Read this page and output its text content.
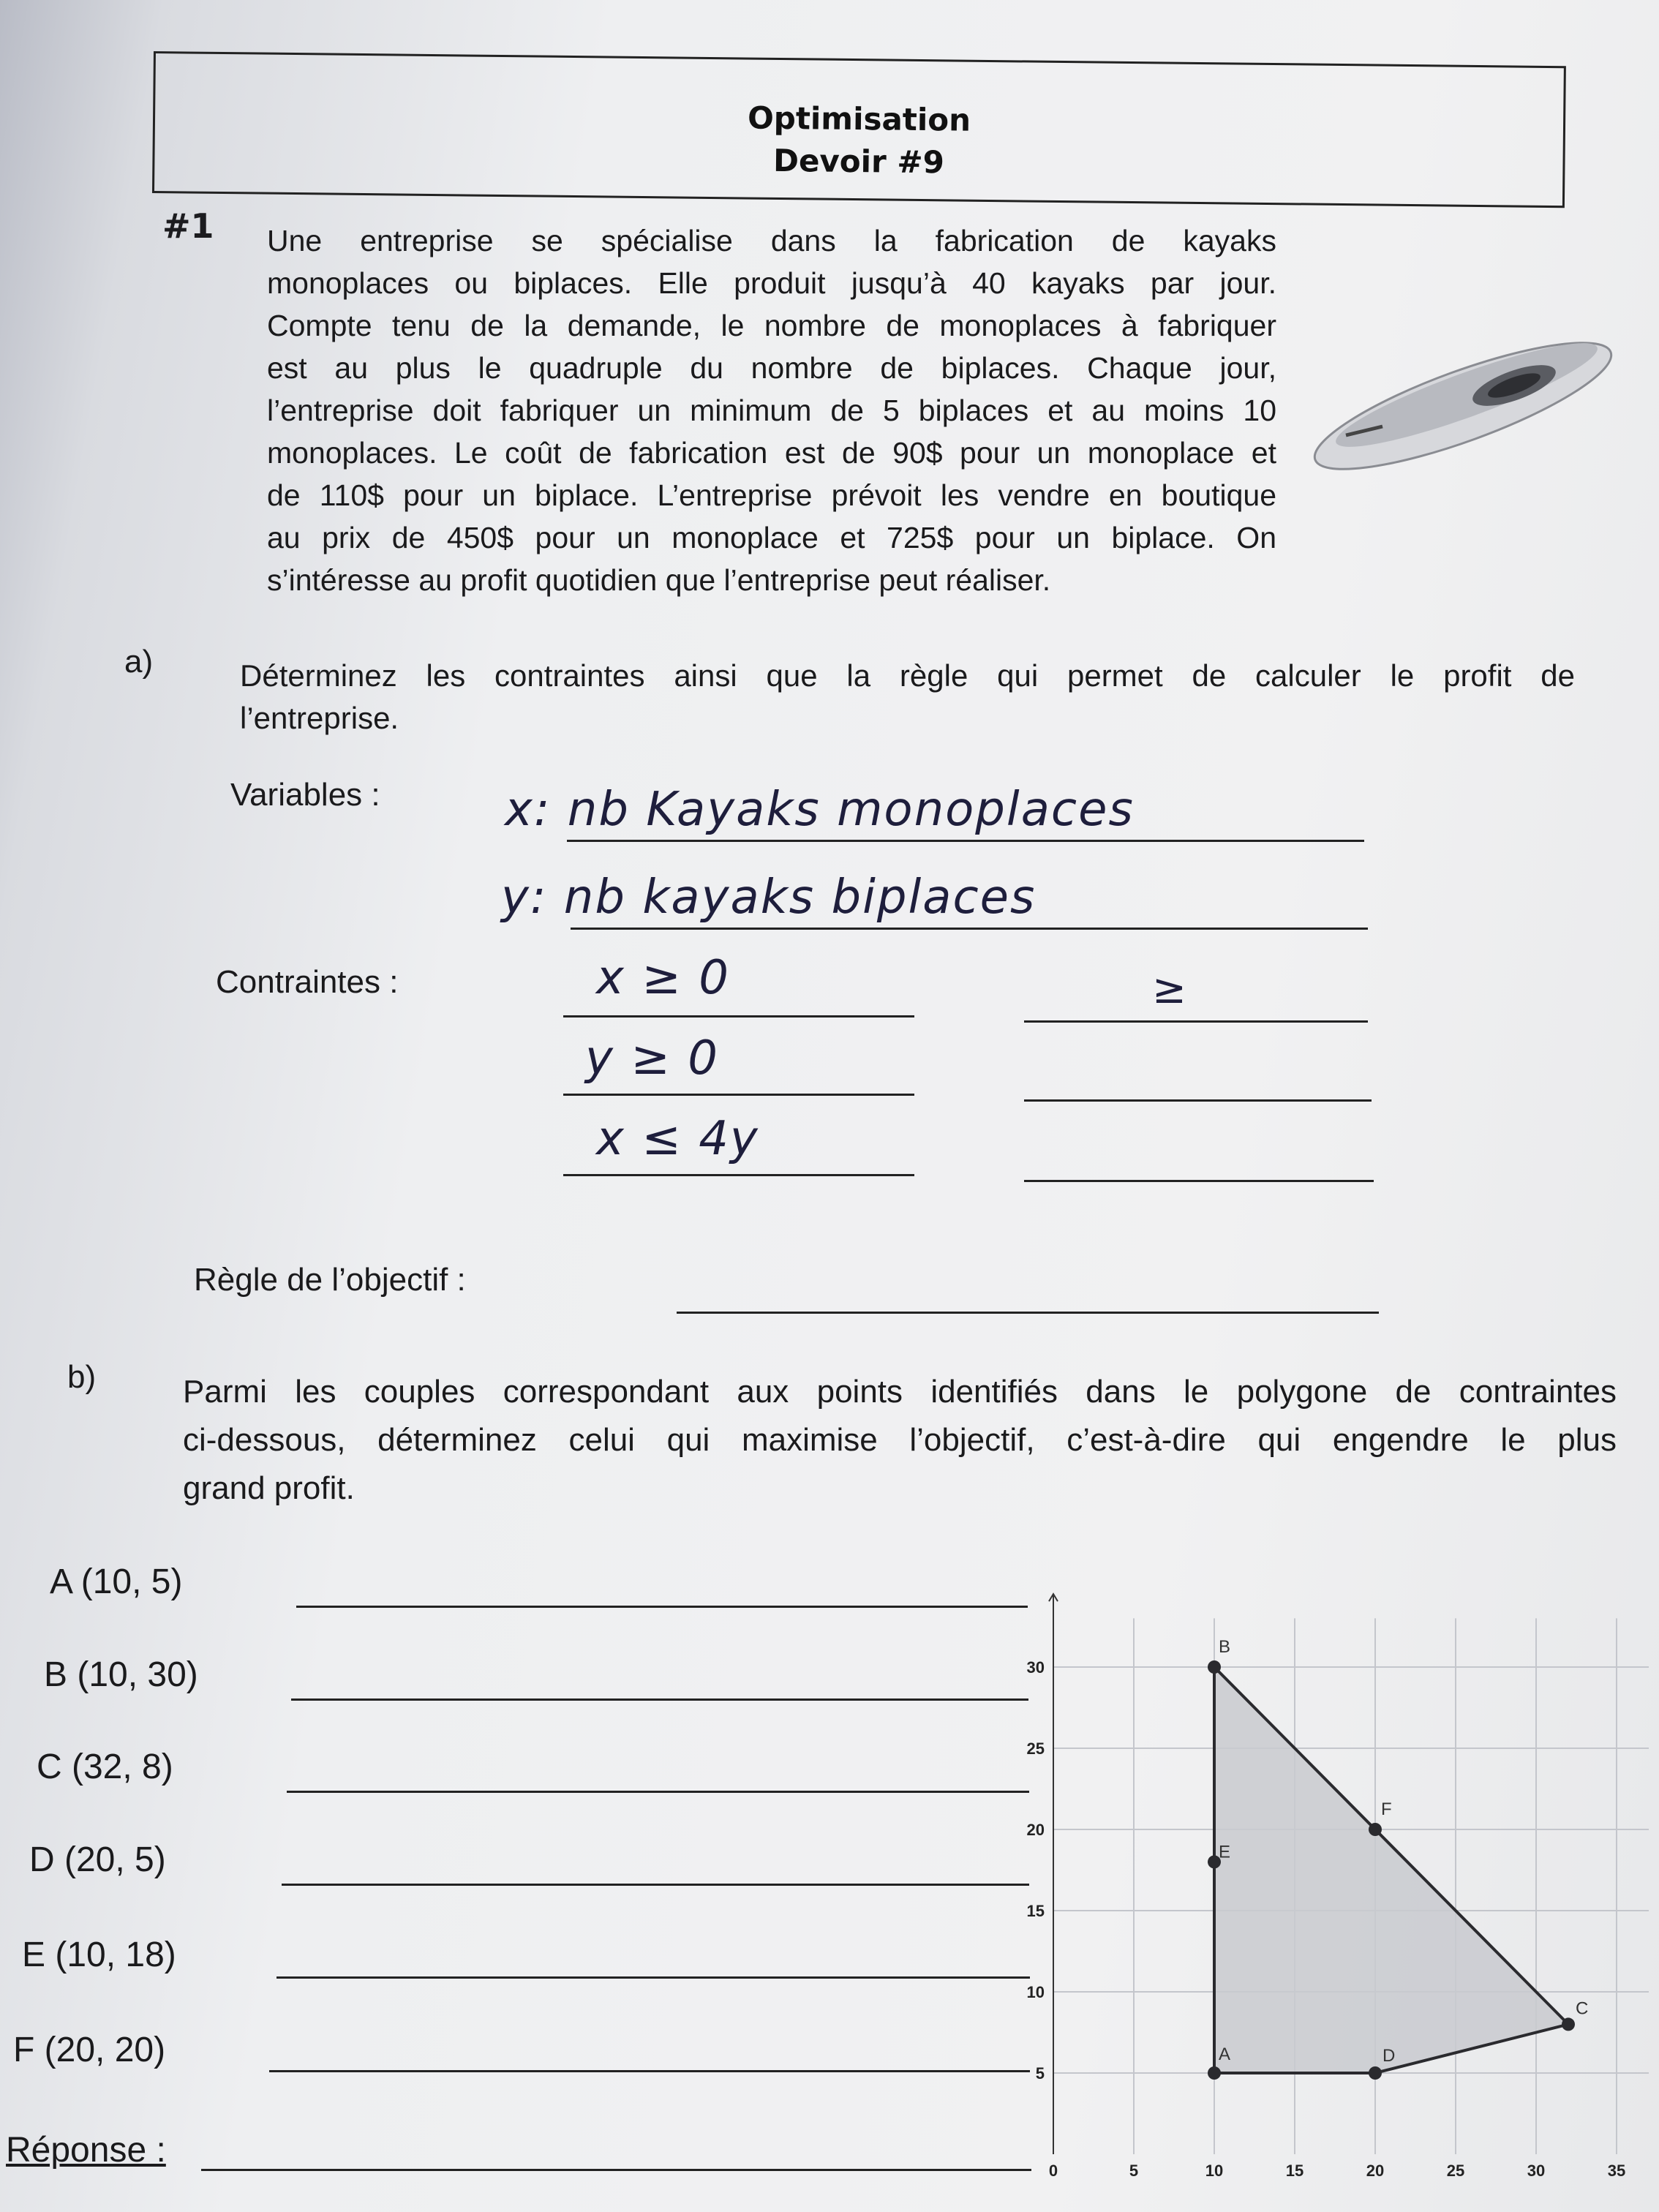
Optimisation
Devoir #9
#1 Une entreprise se spécialise dans la fabrication de kayaks
monoplaces ou biplaces. Elle produit jusqu’à 40 kayaks par jour.
Compte tenu de la demande, le nombre de monoplaces à fabriquer
est au plus le quadruple du nombre de biplaces. Chaque jour,
l’entreprise doit fabriquer un minimum de 5 biplaces et au moins 10
monoplaces. Le coût de fabrication est de 90$ pour un monoplace et
de 110$ pour un biplace. L’entreprise prévoit les vendre en boutique
au prix de 450$ pour un monoplace et 725$ pour un biplace. On
s’intéresse au profit quotidien que l’entreprise peut réaliser.
a)	Déterminez les contraintes ainsi que la règle qui permet de calculer le profit de
l’entreprise.
Variables :	x: nb Kayaks monoplaces
y: nb kayaks biplaces
Contraintes :	x ≥ 0	≥
y ≥ 0
x ≤ 4y
Règle de l’objectif :
b)	Parmi les couples correspondant aux points identifiés dans le polygone de contraintes
ci-dessous, déterminez celui qui maximise l’objectif, c’est-à-dire qui engendre le plus
grand profit.
A (10, 5)
B (10, 30)
C (32, 8)
D (20, 5)
E (10, 18)
F (20, 20)
Réponse :
A
B
C
D
E
F
0	5	10	15	20	25	30	35
5
10
15
20
25
30
